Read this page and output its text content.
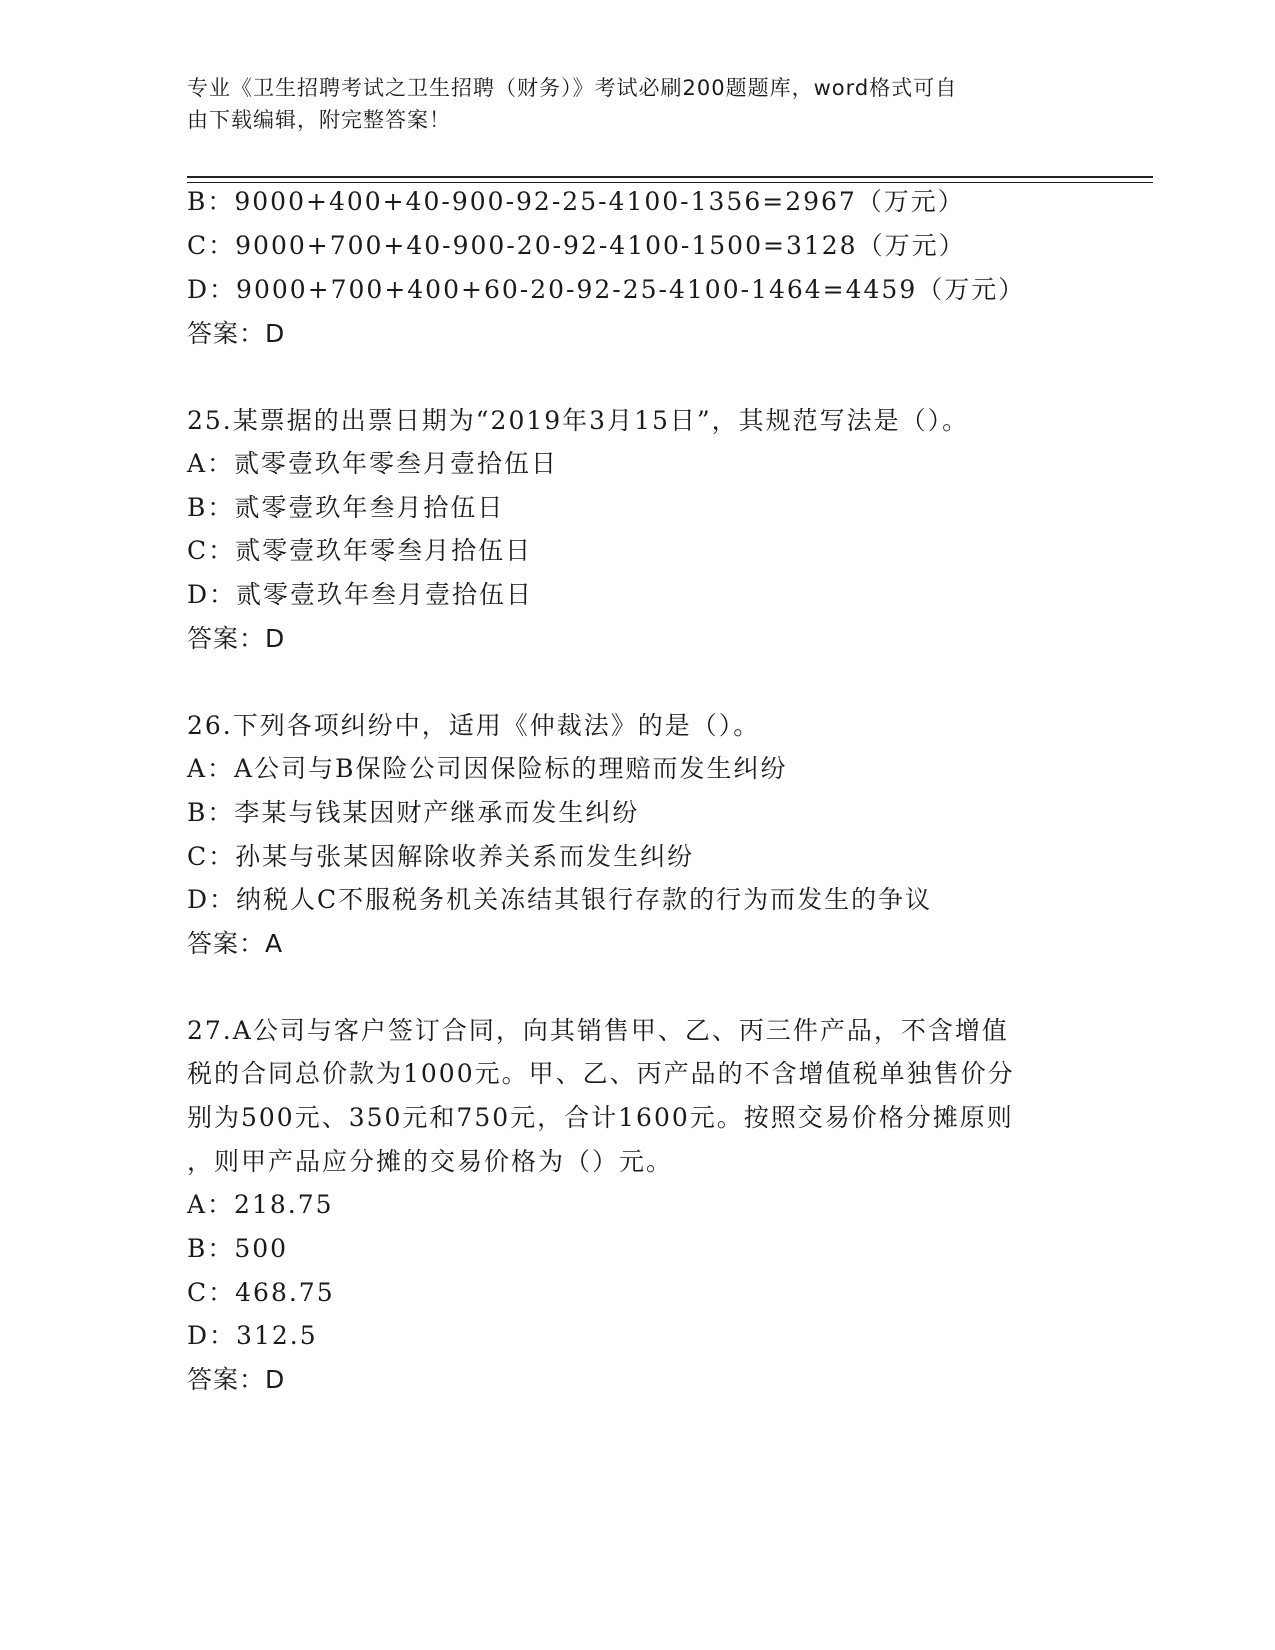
专业《卫生招聘考试之卫生招聘（财务）》考试必刷200题题库，word格式可自
由下载编辑，附完整答案！
B：9000+400+40-900-92-25-4100-1356=2967（万元）
C：9000+700+40-900-20-92-4100-1500=3128（万元）
D：9000+700+400+60-20-92-25-4100-1464=4459（万元）
答案：D
25.某票据的出票日期为“2019年3月15日”，其规范写法是（）。
A：贰零壹玖年零叁月壹拾伍日
B：贰零壹玖年叁月拾伍日
C：贰零壹玖年零叁月拾伍日
D：贰零壹玖年叁月壹拾伍日
答案：D
26.下列各项纠纷中，适用《仲裁法》的是（）。
A：A公司与B保险公司因保险标的理赔而发生纠纷
B：李某与钱某因财产继承而发生纠纷
C：孙某与张某因解除收养关系而发生纠纷
D：纳税人C不服税务机关冻结其银行存款的行为而发生的争议
答案：A
27.A公司与客户签订合同，向其销售甲、乙、丙三件产品，不含增值
税的合同总价款为1000元。甲、乙、丙产品的不含增值税单独售价分
别为500元、350元和750元，合计1600元。按照交易价格分摊原则
，则甲产品应分摊的交易价格为（）元。
A：218.75
B：500
C：468.75
D：312.5
答案：D
